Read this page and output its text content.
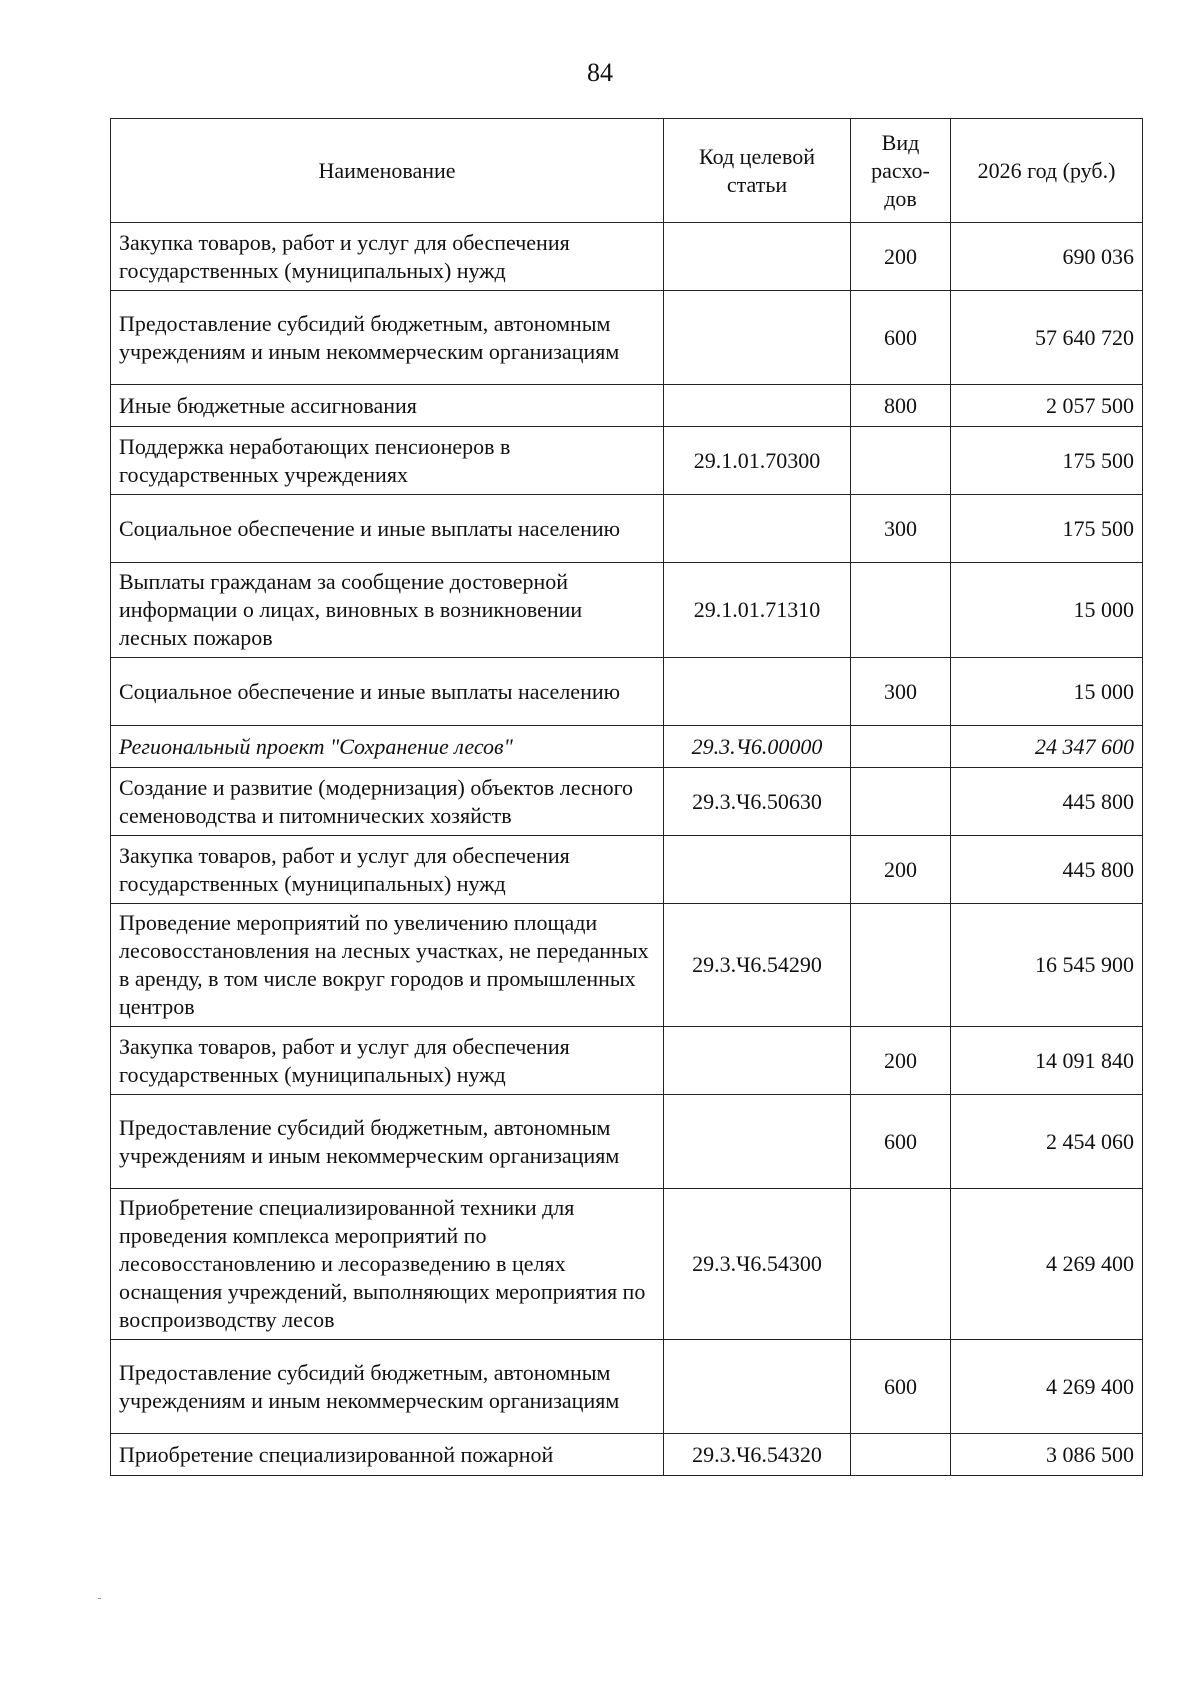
84
Наименование	Код целевой статьи	Вид расхо-дов	2026 год (руб.)
Закупка товаров, работ и услуг для обеспечения государственных (муниципальных) нужд		200	690 036
Предоставление субсидий бюджетным, автономным учреждениям и иным некоммерческим организациям		600	57 640 720
Иные бюджетные ассигнования		800	2 057 500
Поддержка неработающих пенсионеров в государственных учреждениях	29.1.01.70300		175 500
Социальное обеспечение и иные выплаты населению		300	175 500
Выплаты гражданам за сообщение достоверной информации о лицах, виновных в возникновении лесных пожаров	29.1.01.71310		15 000
Социальное обеспечение и иные выплаты населению		300	15 000
Региональный проект "Сохранение лесов"	29.3.Ч6.00000		24 347 600
Создание и развитие (модернизация) объектов лесного семеноводства и питомнических хозяйств	29.3.Ч6.50630		445 800
Закупка товаров, работ и услуг для обеспечения государственных (муниципальных) нужд		200	445 800
Проведение мероприятий по увеличению площади лесовосстановления на лесных участках, не переданных в аренду, в том числе вокруг городов и промышленных центров	29.3.Ч6.54290		16 545 900
Закупка товаров, работ и услуг для обеспечения государственных (муниципальных) нужд		200	14 091 840
Предоставление субсидий бюджетным, автономным учреждениям и иным некоммерческим организациям		600	2 454 060
Приобретение специализированной техники для проведения комплекса мероприятий по лесовосстановлению и лесоразведению в целях оснащения учреждений, выполняющих мероприятия по воспроизводству лесов	29.3.Ч6.54300		4 269 400
Предоставление субсидий бюджетным, автономным учреждениям и иным некоммерческим организациям		600	4 269 400
Приобретение специализированной пожарной	29.3.Ч6.54320		3 086 500
